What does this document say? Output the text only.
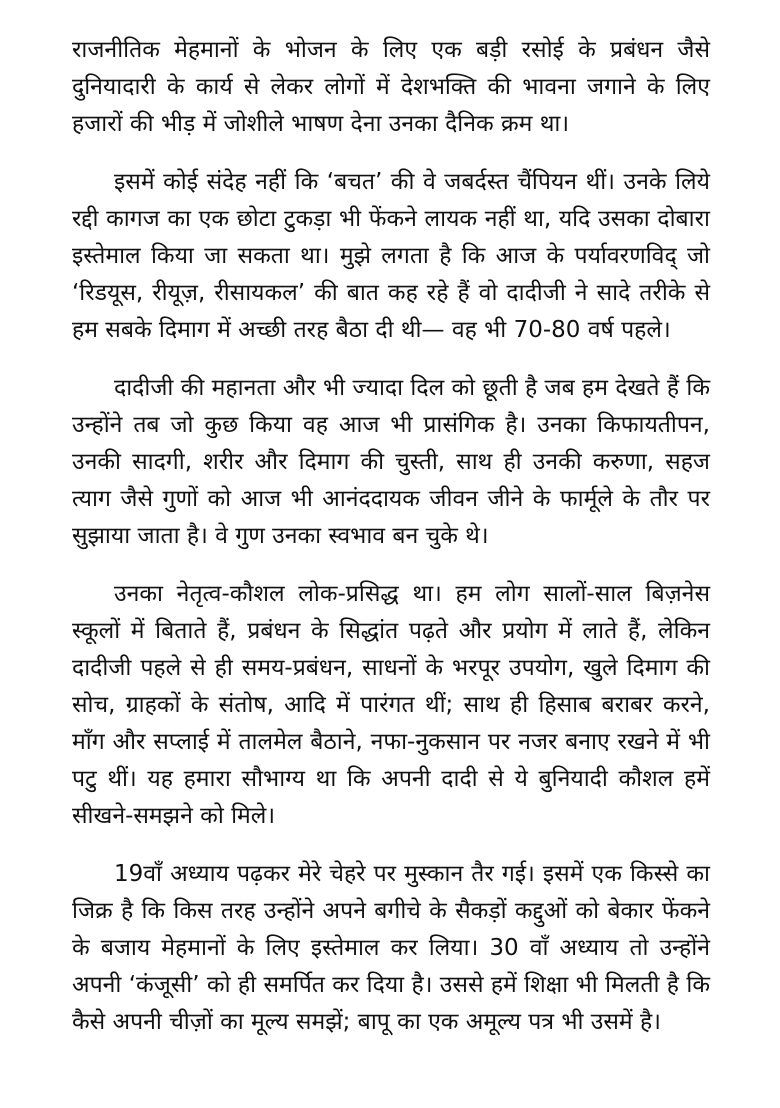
राजनीतिक मेहमानों के भोजन के लिए एक बड़ी रसोई के प्रबंधन जैसे दुनियादारी के कार्य से लेकर लोगों में देशभक्ति की भावना जगाने के लिए हजारों की भीड़ में जोशीले भाषण देना उनका दैनिक क्रम था।

इसमें कोई संदेह नहीं कि ‘बचत’ की वे जबर्दस्त चैंपियन थीं। उनके लिये रद्दी कागज का एक छोटा टुकड़ा भी फेंकने लायक नहीं था, यदि उसका दोबारा इस्तेमाल किया जा सकता था। मुझे लगता है कि आज के पर्यावरणविद् जो ‘रिडयूस, रीयूज़, रीसायकल’ की बात कह रहे हैं वो दादीजी ने सादे तरीके से हम सबके दिमाग में अच्छी तरह बैठा दी थी— वह भी 70-80 वर्ष पहले।

दादीजी की महानता और भी ज्यादा दिल को छूती है जब हम देखते हैं कि उन्होंने तब जो कुछ किया वह आज भी प्रासंगिक है। उनका किफायतीपन, उनकी सादगी, शरीर और दिमाग की चुस्ती, साथ ही उनकी करुणा, सहज त्याग जैसे गुणों को आज भी आनंददायक जीवन जीने के फार्मूले के तौर पर सुझाया जाता है। वे गुण उनका स्वभाव बन चुके थे।

उनका नेतृत्व-कौशल लोक-प्रसिद्ध था। हम लोग सालों-साल बिज़नेस स्कूलों में बिताते हैं, प्रबंधन के सिद्धांत पढ़ते और प्रयोग में लाते हैं, लेकिन दादीजी पहले से ही समय-प्रबंधन, साधनों के भरपूर उपयोग, खुले दिमाग की सोच, ग्राहकों के संतोष, आदि में पारंगत थीं; साथ ही हिसाब बराबर करने, माँग और सप्लाई में तालमेल बैठाने, नफा-नुकसान पर नजर बनाए रखने में भी पटु थीं। यह हमारा सौभाग्य था कि अपनी दादी से ये बुनियादी कौशल हमें सीखने-समझने को मिले।

19वाँ अध्याय पढ़कर मेरे चेहरे पर मुस्कान तैर गई। इसमें एक किस्से का जिक्र है कि किस तरह उन्होंने अपने बगीचे के सैकड़ों कद्दुओं को बेकार फेंकने के बजाय मेहमानों के लिए इस्तेमाल कर लिया। 30 वाँ अध्याय तो उन्होंने अपनी ‘कंजूसी’ को ही समर्पित कर दिया है। उससे हमें शिक्षा भी मिलती है कि कैसे अपनी चीज़ों का मूल्य समझें; बापू का एक अमूल्य पत्र भी उसमें है।
